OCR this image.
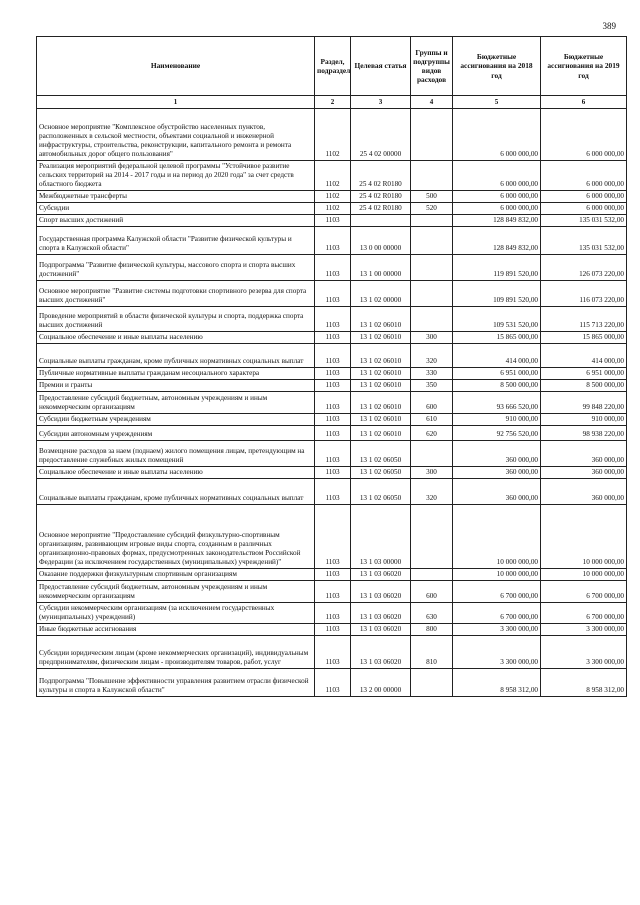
389
Наименование	Раздел, подраздел	Целевая статья	Группы и подгруппы видов расходов	Бюджетные ассигнования на 2018 год	Бюджетные ассигнования на 2019 год
1	2	3	4	5	6
Основное мероприятие "Комплексное обустройство населенных пунктов, расположенных в сельской местности, объектами социальной и инженерной инфраструктуры, строительства, реконструкции, капитального ремонта и ремонта автомобильных дорог общего пользования"	1102	25 4 02 00000		6 000 000,00	6 000 000,00
Реализация мероприятий федеральной целевой программы "Устойчивое развитие сельских территорий на 2014 - 2017 годы и на период до 2020 года" за счет средств областного бюджета	1102	25 4 02 R0180		6 000 000,00	6 000 000,00
Межбюджетные трансферты	1102	25 4 02 R0180	500	6 000 000,00	6 000 000,00
Субсидии	1102	25 4 02 R0180	520	6 000 000,00	6 000 000,00
Спорт высших достижений	1103			128 849 832,00	135 031 532,00
Государственная программа Калужской области "Развитие физической культуры и спорта в Калужской области"	1103	13 0 00 00000		128 849 832,00	135 031 532,00
Подпрограмма "Развитие физической культуры, массового спорта и спорта высших достижений"	1103	13 1 00 00000		119 891 520,00	126 073 220,00
Основное мероприятие "Развитие системы подготовки спортивного резерва для спорта высших достижений"	1103	13 1 02 00000		109 891 520,00	116 073 220,00
Проведение мероприятий в области физической культуры и спорта, поддержка спорта высших достижений	1103	13 1 02 06010		109 531 520,00	115 713 220,00
Социальное обеспечение и иные выплаты населению	1103	13 1 02 06010	300	15 865 000,00	15 865 000,00
Социальные выплаты гражданам, кроме публичных нормативных социальных выплат	1103	13 1 02 06010	320	414 000,00	414 000,00
Публичные нормативные выплаты гражданам несоциального характера	1103	13 1 02 06010	330	6 951 000,00	6 951 000,00
Премии и гранты	1103	13 1 02 06010	350	8 500 000,00	8 500 000,00
Предоставление субсидий бюджетным, автономным учреждениям и иным некоммерческим организациям	1103	13 1 02 06010	600	93 666 520,00	99 848 220,00
Субсидии бюджетным учреждениям	1103	13 1 02 06010	610	910 000,00	910 000,00
Субсидии автономным учреждениям	1103	13 1 02 06010	620	92 756 520,00	98 938 220,00
Возмещение расходов за наем (поднаем) жилого помещения лицам, претендующим на предоставление служебных жилых помещений	1103	13 1 02 06050		360 000,00	360 000,00
Социальное обеспечение и иные выплаты населению	1103	13 1 02 06050	300	360 000,00	360 000,00
Социальные выплаты гражданам, кроме публичных нормативных социальных выплат	1103	13 1 02 06050	320	360 000,00	360 000,00
Основное мероприятие "Предоставление субсидий физкультурно-спортивным организациям, развивающим игровые виды спорта, созданным в различных организационно-правовых формах, предусмотренных законодательством Российской Федерации (за исключением государственных (муниципальных) учреждений)"	1103	13 1 03 00000		10 000 000,00	10 000 000,00
Оказание поддержки физкультурным спортивным организациям	1103	13 1 03 06020		10 000 000,00	10 000 000,00
Предоставление субсидий бюджетным, автономным учреждениям и иным некоммерческим организациям	1103	13 1 03 06020	600	6 700 000,00	6 700 000,00
Субсидии некоммерческим организациям (за исключением государственных (муниципальных) учреждений)	1103	13 1 03 06020	630	6 700 000,00	6 700 000,00
Иные бюджетные ассигнования	1103	13 1 03 06020	800	3 300 000,00	3 300 000,00
Субсидии юридическим лицам (кроме некоммерческих организаций), индивидуальным предпринимателям, физическим лицам - производителям товаров, работ, услуг	1103	13 1 03 06020	810	3 300 000,00	3 300 000,00
Подпрограмма "Повышение эффективности управления развитием отрасли физической культуры и спорта в Калужской области"	1103	13 2 00 00000		8 958 312,00	8 958 312,00
